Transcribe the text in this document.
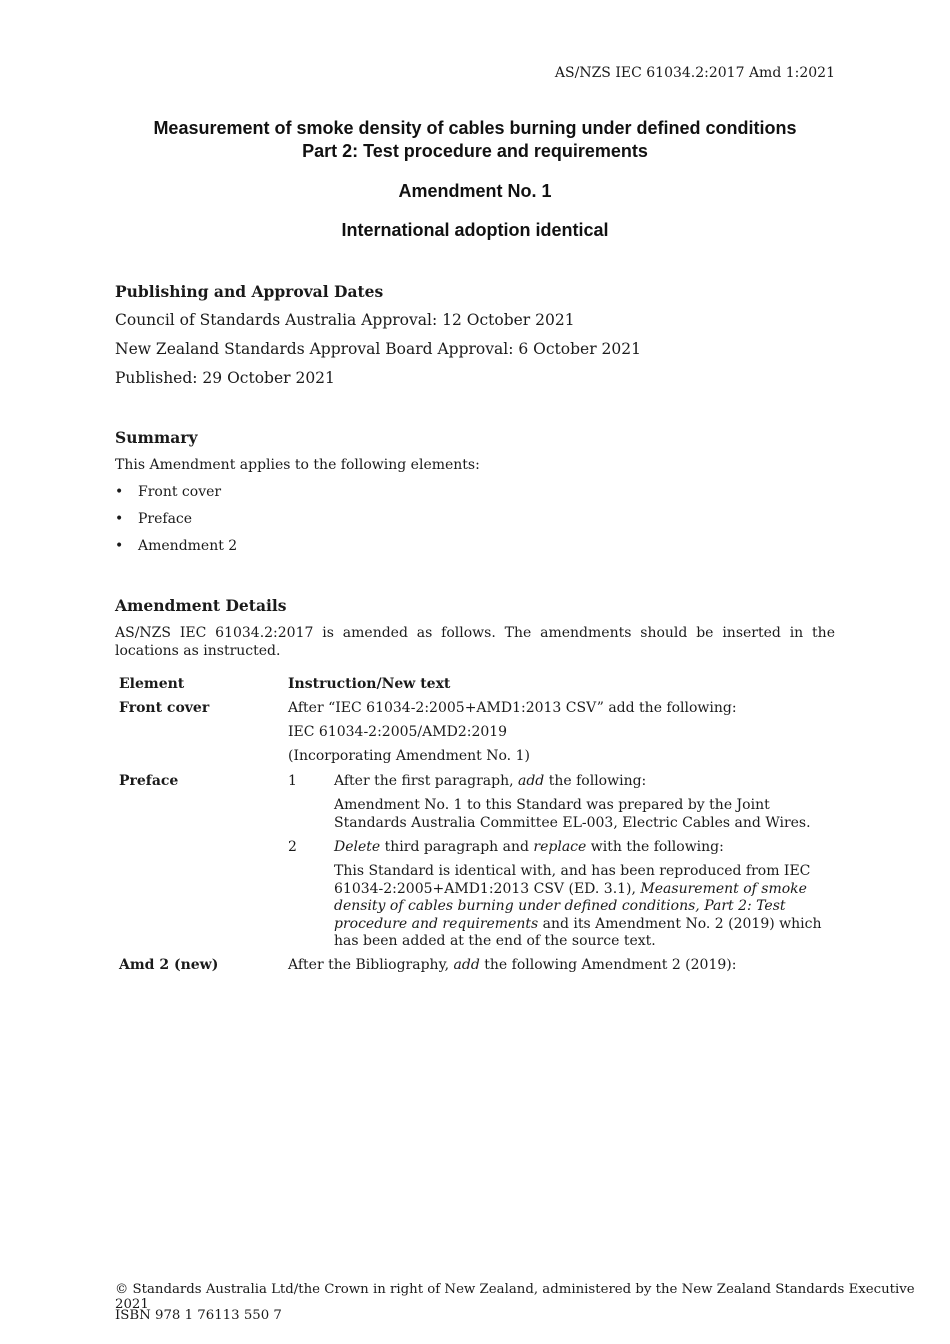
AS/NZS IEC 61034.2:2017 Amd 1:2021
Measurement of smoke density of cables burning under defined conditions
Part 2: Test procedure and requirements
Amendment No. 1
International adoption identical
Publishing and Approval Dates
Council of Standards Australia Approval: 12 October 2021
New Zealand Standards Approval Board Approval: 6 October 2021
Published: 29 October 2021
Summary
This Amendment applies to the following elements:
• Front cover
• Preface
• Amendment 2
Amendment Details
AS/NZS IEC 61034.2:2017 is amended as follows. The amendments should be inserted in the locations as instructed.
Element	Instruction/New text
Front cover	After “IEC 61034-2:2005+AMD1:2013 CSV” add the following:
IEC 61034-2:2005/AMD2:2019
(Incorporating Amendment No. 1)
Preface	1	After the first paragraph, add the following:
Amendment No. 1 to this Standard was prepared by the Joint Standards Australia Committee EL-003, Electric Cables and Wires.
2	Delete third paragraph and replace with the following:
This Standard is identical with, and has been reproduced from IEC 61034-2:2005+AMD1:2013 CSV (ED. 3.1), Measurement of smoke density of cables burning under defined conditions, Part 2: Test procedure and requirements and its Amendment No. 2 (2019) which has been added at the end of the source text.
Amd 2 (new)	After the Bibliography, add the following Amendment 2 (2019):
© Standards Australia Ltd/the Crown in right of New Zealand, administered by the New Zealand Standards Executive 2021
ISBN 978 1 76113 550 7
